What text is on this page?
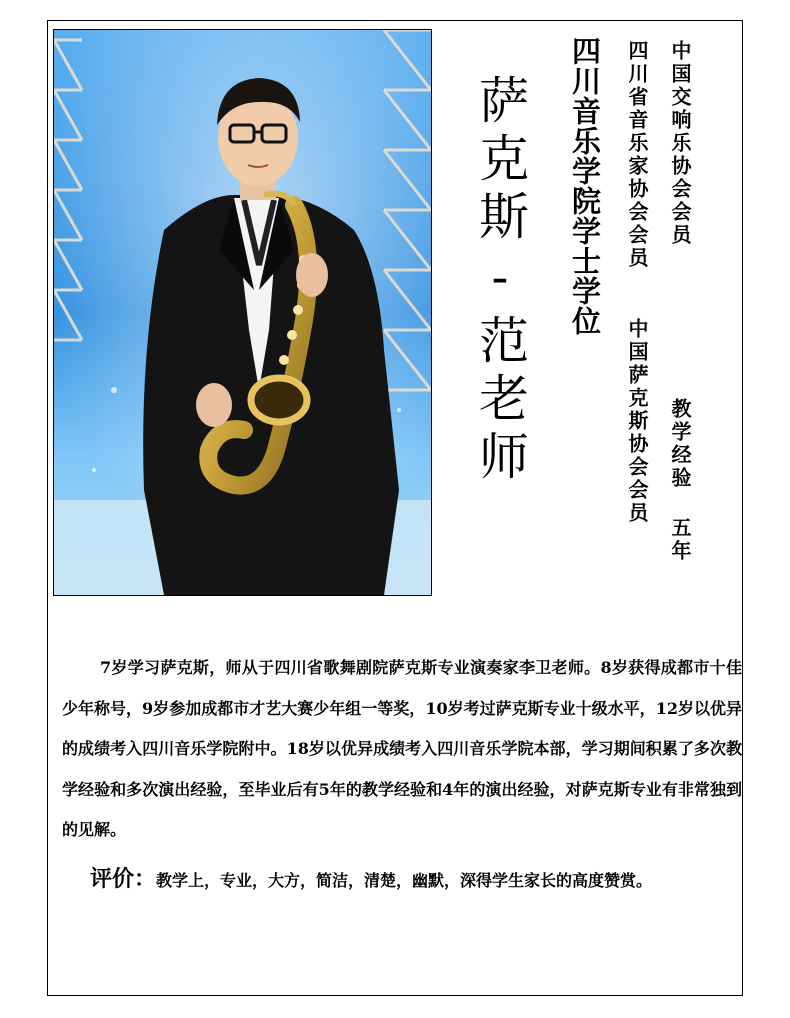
萨克斯-范老师 四川音乐学院学士学位	中国交响乐协会会员
四川省音乐家协会会员
中国萨克斯协会会员 教学经验 五年

7岁学习萨克斯，师从于四川省歌舞剧院萨克斯专业演奏家李卫老师。8岁获得成都市十佳少年称号，9岁参加成都市才艺大赛少年组一等奖，10岁考过萨克斯专业十级水平，12岁以优异的成绩考入四川音乐学院附中。18岁以优异成绩考入四川音乐学院本部，学习期间积累了多次教学经验和多次演出经验，至毕业后有5年的教学经验和4年的演出经验，对萨克斯专业有非常独到的见解。

评价：教学上，专业，大方，简洁，清楚，幽默，深得学生家长的高度赞赏。
